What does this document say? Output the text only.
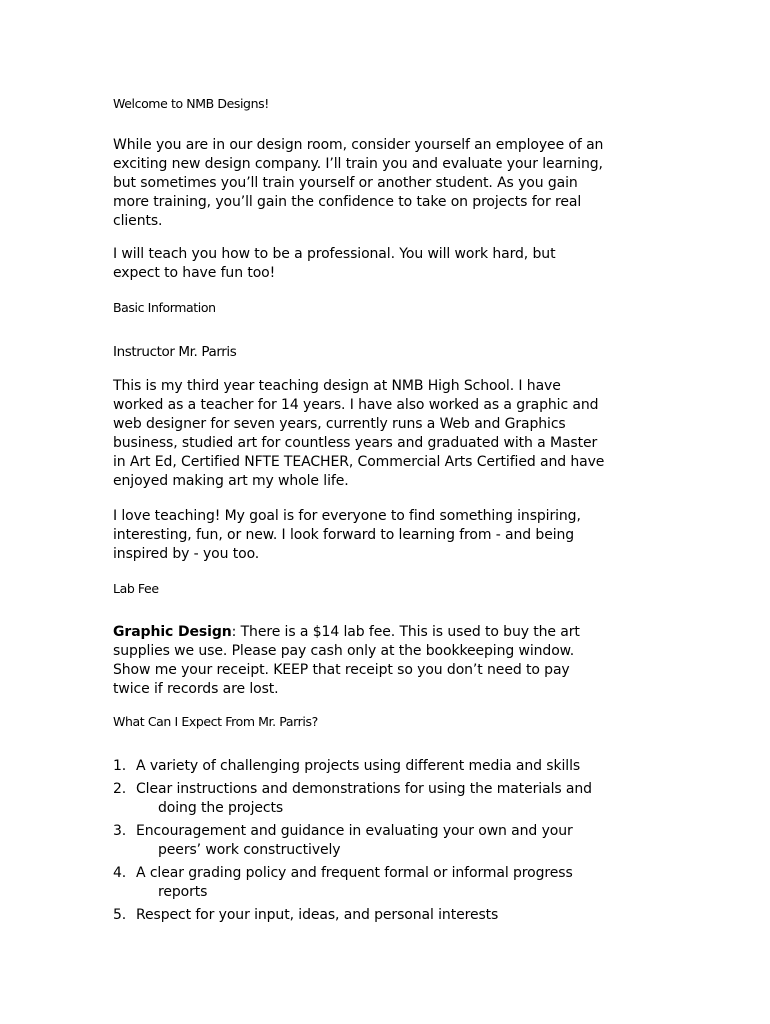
Welcome to NMB Designs!

While you are in our design room, consider yourself an employee of an
exciting new design company. I’ll train you and evaluate your learning,
but sometimes you’ll train yourself or another student. As you gain
more training, you’ll gain the confidence to take on projects for real
clients.

I will teach you how to be a professional. You will work hard, but
expect to have fun too!

Basic Information
Instructor Mr. Parris

This is my third year teaching design at NMB High School. I have
worked as a teacher for 14 years. I have also worked as a graphic and
web designer for seven years, currently runs a Web and Graphics
business, studied art for countless years and graduated with a Master
in Art Ed, Certified NFTE TEACHER, Commercial Arts Certified and have
enjoyed making art my whole life.

I love teaching! My goal is for everyone to find something inspiring,
interesting, fun, or new. I look forward to learning from - and being
inspired by - you too.

Lab Fee

Graphic Design: There is a $14 lab fee. This is used to buy the art
supplies we use. Please pay cash only at the bookkeeping window.
Show me your receipt. KEEP that receipt so you don’t need to pay
twice if records are lost.

What Can I Expect From Mr. Parris?
1. A variety of challenging projects using different media and skills
2. Clear instructions and demonstrations for using the materials and
doing the projects
3. Encouragement and guidance in evaluating your own and your
peers’ work constructively
4. A clear grading policy and frequent formal or informal progress
reports
5. Respect for your input, ideas, and personal interests
